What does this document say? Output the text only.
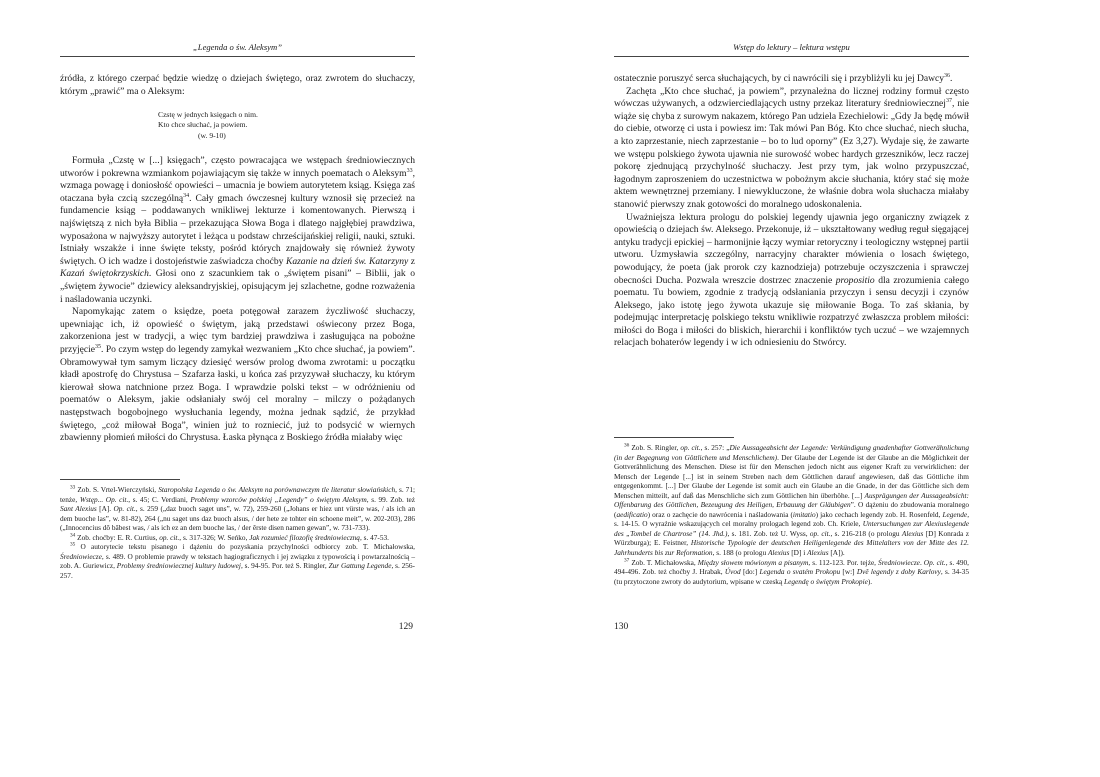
„Legenda o św. Aleksym”

źródła, z którego czerpać będzie wiedzę o dziejach świętego, oraz zwrotem do słuchaczy, którym „prawić” ma o Aleksym:

Czstę w jednych księgach o nim.
Kto chce słuchać, ja powiem.
(w. 9-10)

Formuła „Czstę w [...] księgach”, często powracająca we wstępach średniowiecznych utworów i pokrewna wzmiankom pojawiającym się także w innych poematach o Aleksym$^{33}$, wzmaga powagę i doniosłość opowieści – umacnia je bowiem autorytetem ksiąg. Księga zaś otaczana była czcią szczególną$^{34}$. Cały gmach ówczesnej kultury wznosił się przecież na fundamencie ksiąg – poddawanych wnikliwej lekturze i komentowanych. Pierwszą i najświętszą z nich była Biblia – przekazująca Słowa Boga i dlatego najgłębiej prawdziwa, wyposażona w najwyższy autorytet i leżąca u podstaw chrześcijańskiej religii, nauki, sztuki. Istniały wszakże i inne święte teksty, pośród których znajdowały się również żywoty świętych. O ich wadze i dostojeństwie zaświadcza choćby Kazanie na dzień św. Katarzyny z Kazań świętokrzyskich. Głosi ono z szacunkiem tak o „świętem pisani” – Biblii, jak o „świętem żywocie” dziewicy aleksandryjskiej, opisującym jej szlachetne, godne rozważenia i naśladowania uczynki.

Napomykając zatem o księdze, poeta potęgował zarazem życzliwość słuchaczy, upewniając ich, iż opowieść o świętym, jaką przedstawi oświecony przez Boga, zakorzeniona jest w tradycji, a więc tym bardziej prawdziwa i zasługująca na pobożne przyjęcie$^{35}$. Po czym wstęp do legendy zamykał wezwaniem „Kto chce słuchać, ja powiem”. Obramowywał tym samym liczący dziesięć wersów prolog dwoma zwrotami: u początku kładł apostrofę do Chrystusa – Szafarza łaski, u końca zaś przyzywał słuchaczy, ku którym kierował słowa natchnione przez Boga. I wprawdzie polski tekst – w odróżnieniu od poematów o Aleksym, jakie odsłaniały swój cel moralny – milczy o pożądanych następstwach bogobojnego wysłuchania legendy, można jednak sądzić, że przykład świętego, „coż miłował Boga”, winien już to rozniecić, już to podsycić w wiernych zbawienny płomień miłości do Chrystusa. Łaska płynąca z Boskiego źródła miałaby więc

$^{33}$ Zob. S. Vrtel-Wierczyński, Staropolska Legenda o św. Aleksym na porównawczym tle literatur słowiańskich, s. 71; tenże, Wstęp... Op. cit., s. 45; C. Verdiani, Problemy wzorców polskiej „Legendy” o świętym Aleksym, s. 99. Zob. też Sant Alexius [A]. Op. cit., s. 259 („daz buoch saget uns”, w. 72), 259-260 („Johans er hiez unt vürste was, / als ich an dem buoche las”, w. 81-82), 264 („nu saget uns daz buoch alsus, / der hete ze tohter ein schoene meit”, w. 202-203), 286 („Innocencius dô bâbest was, / als ich ez an dem buoche las, / der êrste disen namen gewan”, w. 731-733).

$^{34}$ Zob. choćby: E. R. Curtius, op. cit., s. 317-326; W. Seńko, Jak rozumieć filozofię średniowieczną, s. 47-53.

$^{35}$ O autorytecie tekstu pisanego i dążeniu do pozyskania przychylności odbiorcy zob. T. Michałowska, Średniowiecze, s. 489. O problemie prawdy w tekstach hagiograficznych i jej związku z typowością i powtarzalnością – zob. A. Guriewicz, Problemy średniowiecznej kultury ludowej, s. 94-95. Por. też S. Ringler, Zur Gattung Legende, s. 256-257.

129
Wstęp do lektury – lektura wstępu

ostatecznie poruszyć serca słuchających, by ci nawrócili się i przybliżyli ku jej Dawcy$^{36}$.

Zachęta „Kto chce słuchać, ja powiem”, przynależna do licznej rodziny formuł często wówczas używanych, a odzwierciedlających ustny przekaz literatury średniowiecznej$^{37}$, nie wiąże się chyba z surowym nakazem, którego Pan udziela Ezechielowi: „Gdy Ja będę mówił do ciebie, otworzę ci usta i powiesz im: Tak mówi Pan Bóg. Kto chce słuchać, niech słucha, a kto zaprzestanie, niech zaprzestanie – bo to lud oporny” (Ez 3,27). Wydaje się, że zawarte we wstępu polskiego żywota ujawnia nie surowość wobec hardych grzeszników, lecz raczej pokorę zjednującą przychylność słuchaczy. Jest przy tym, jak wolno przypuszczać, łagodnym zaproszeniem do uczestnictwa w pobożnym akcie słuchania, który stać się może aktem wewnętrznej przemiany. I niewykluczone, że właśnie dobra wola słuchacza miałaby stanowić pierwszy znak gotowości do moralnego udoskonalenia.

Uważniejsza lektura prologu do polskiej legendy ujawnia jego organiczny związek z opowieścią o dziejach św. Aleksego. Przekonuje, iż – ukształtowany według reguł sięgającej antyku tradycji epickiej – harmonijnie łączy wymiar retoryczny i teologiczny wstępnej partii utworu. Uzmysławia szczególny, narracyjny charakter mówienia o losach świętego, powodujący, że poeta (jak prorok czy kaznodzieja) potrzebuje oczyszczenia i sprawczej obecności Ducha. Pozwala wreszcie dostrzec znaczenie propositio dla zrozumienia całego poematu. Tu bowiem, zgodnie z tradycją odsłaniania przyczyn i sensu decyzji i czynów Aleksego, jako istotę jego żywota ukazuje się miłowanie Boga. To zaś skłania, by podejmując interpretację polskiego tekstu wnikliwie rozpatrzyć zwłaszcza problem miłości: miłości do Boga i miłości do bliskich, hierarchii i konfliktów tych uczuć – we wzajemnych relacjach bohaterów legendy i w ich odniesieniu do Stwórcy.

$^{36}$ Zob. S. Ringler, op. cit., s. 257: „Die Aussageabsicht der Legende: Verkündigung gnadenhafter Gottverähnlichung (in der Begegnung von Göttlichem und Menschlichem). Der Glaube der Legende ist der Glaube an die Möglichkeit der Gottverähnlichung des Menschen. Diese ist für den Menschen jedoch nicht aus eigener Kraft zu verwirklichen: der Mensch der Legende [...] ist in seinem Streben nach dem Göttlichen darauf angewiesen, daß das Göttliche ihm entgegenkommt. [...] Der Glaube der Legende ist somit auch ein Glaube an die Gnade, in der das Göttliche sich dem Menschen mitteilt, auf daß das Menschliche sich zum Göttlichen hin überhöhe. [...] Ausprägungen der Aussageabsicht: Offenbarung des Göttlichen, Bezeugung des Heiligen, Erbauung der Gläubigen”. O dążeniu do zbudowania moralnego (aedificatio) oraz o zachęcie do nawrócenia i naśladowania (imitatio) jako cechach legendy zob. H. Rosenfeld, Legende, s. 14-15. O wyraźnie wskazujących cel moralny prologach legend zob. Ch. Kriele, Untersuchungen zur Alexiuslegende des „Tombel de Chartrose” (14. Jhd.), s. 181. Zob. też U. Wyss, op. cit., s. 216-218 (o prologu Alexius [D] Konrada z Würzburga); E. Feistner, Historische Typologie der deutschen Heiligenlegende des Mittelalters von der Mitte des 12. Jahrhunderts bis zur Reformation, s. 188 (o prologu Alexius [D] i Alexius [A]).

$^{37}$ Zob. T. Michałowska, Między słowem mówionym a pisanym, s. 112-123. Por. tejże, Średniowiecze. Op. cit., s. 490, 494-496. Zob. też choćby J. Hrabak, Úvod [do:] Legenda o svatém Prokopu [w:] Dvě legendy z doby Karlovy, s. 34-35 (tu przytoczone zwroty do audytorium, wpisane w czeską Legendę o świętym Prokopie).

130
